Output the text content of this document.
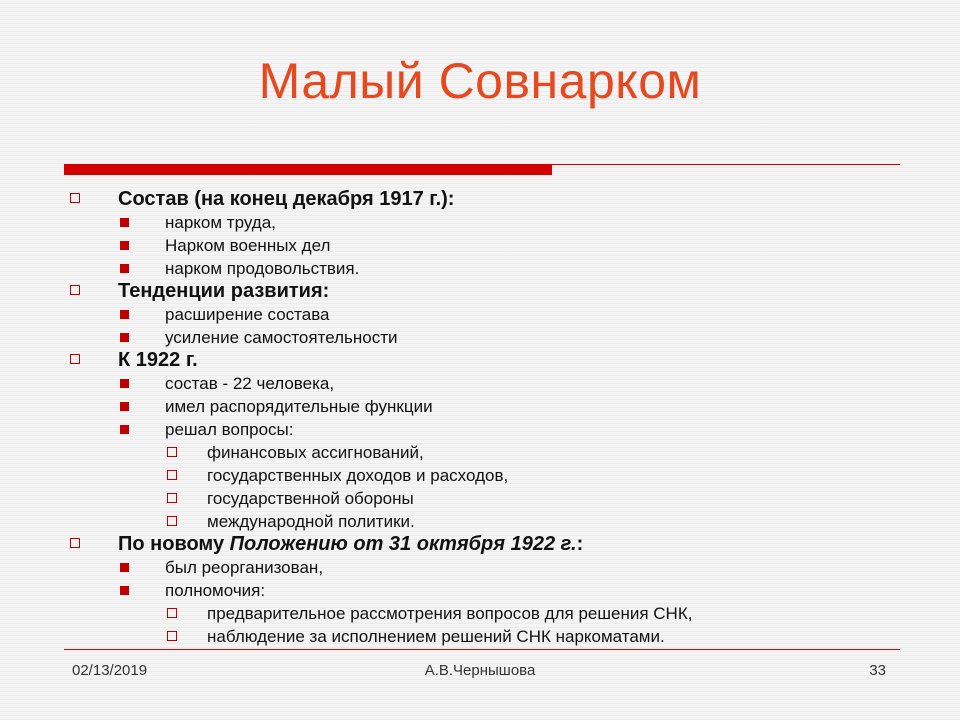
Малый Совнарком
Состав (на конец декабря 1917 г.):
нарком труда,
Нарком военных дел
нарком продовольствия.
Тенденции развития:
расширение состава
усиление самостоятельности
К 1922 г.
состав - 22 человека,
имел распорядительные функции
решал вопросы:
финансовых ассигнований,
государственных доходов и расходов,
государственной обороны
международной политики.
По новому Положению от 31 октября 1922 г.:
был реорганизован,
полномочия:
предварительное рассмотрения вопросов для решения СНК,
наблюдение за исполнением решений СНК наркоматами.
02/13/2019	А.В.Чернышова	33
